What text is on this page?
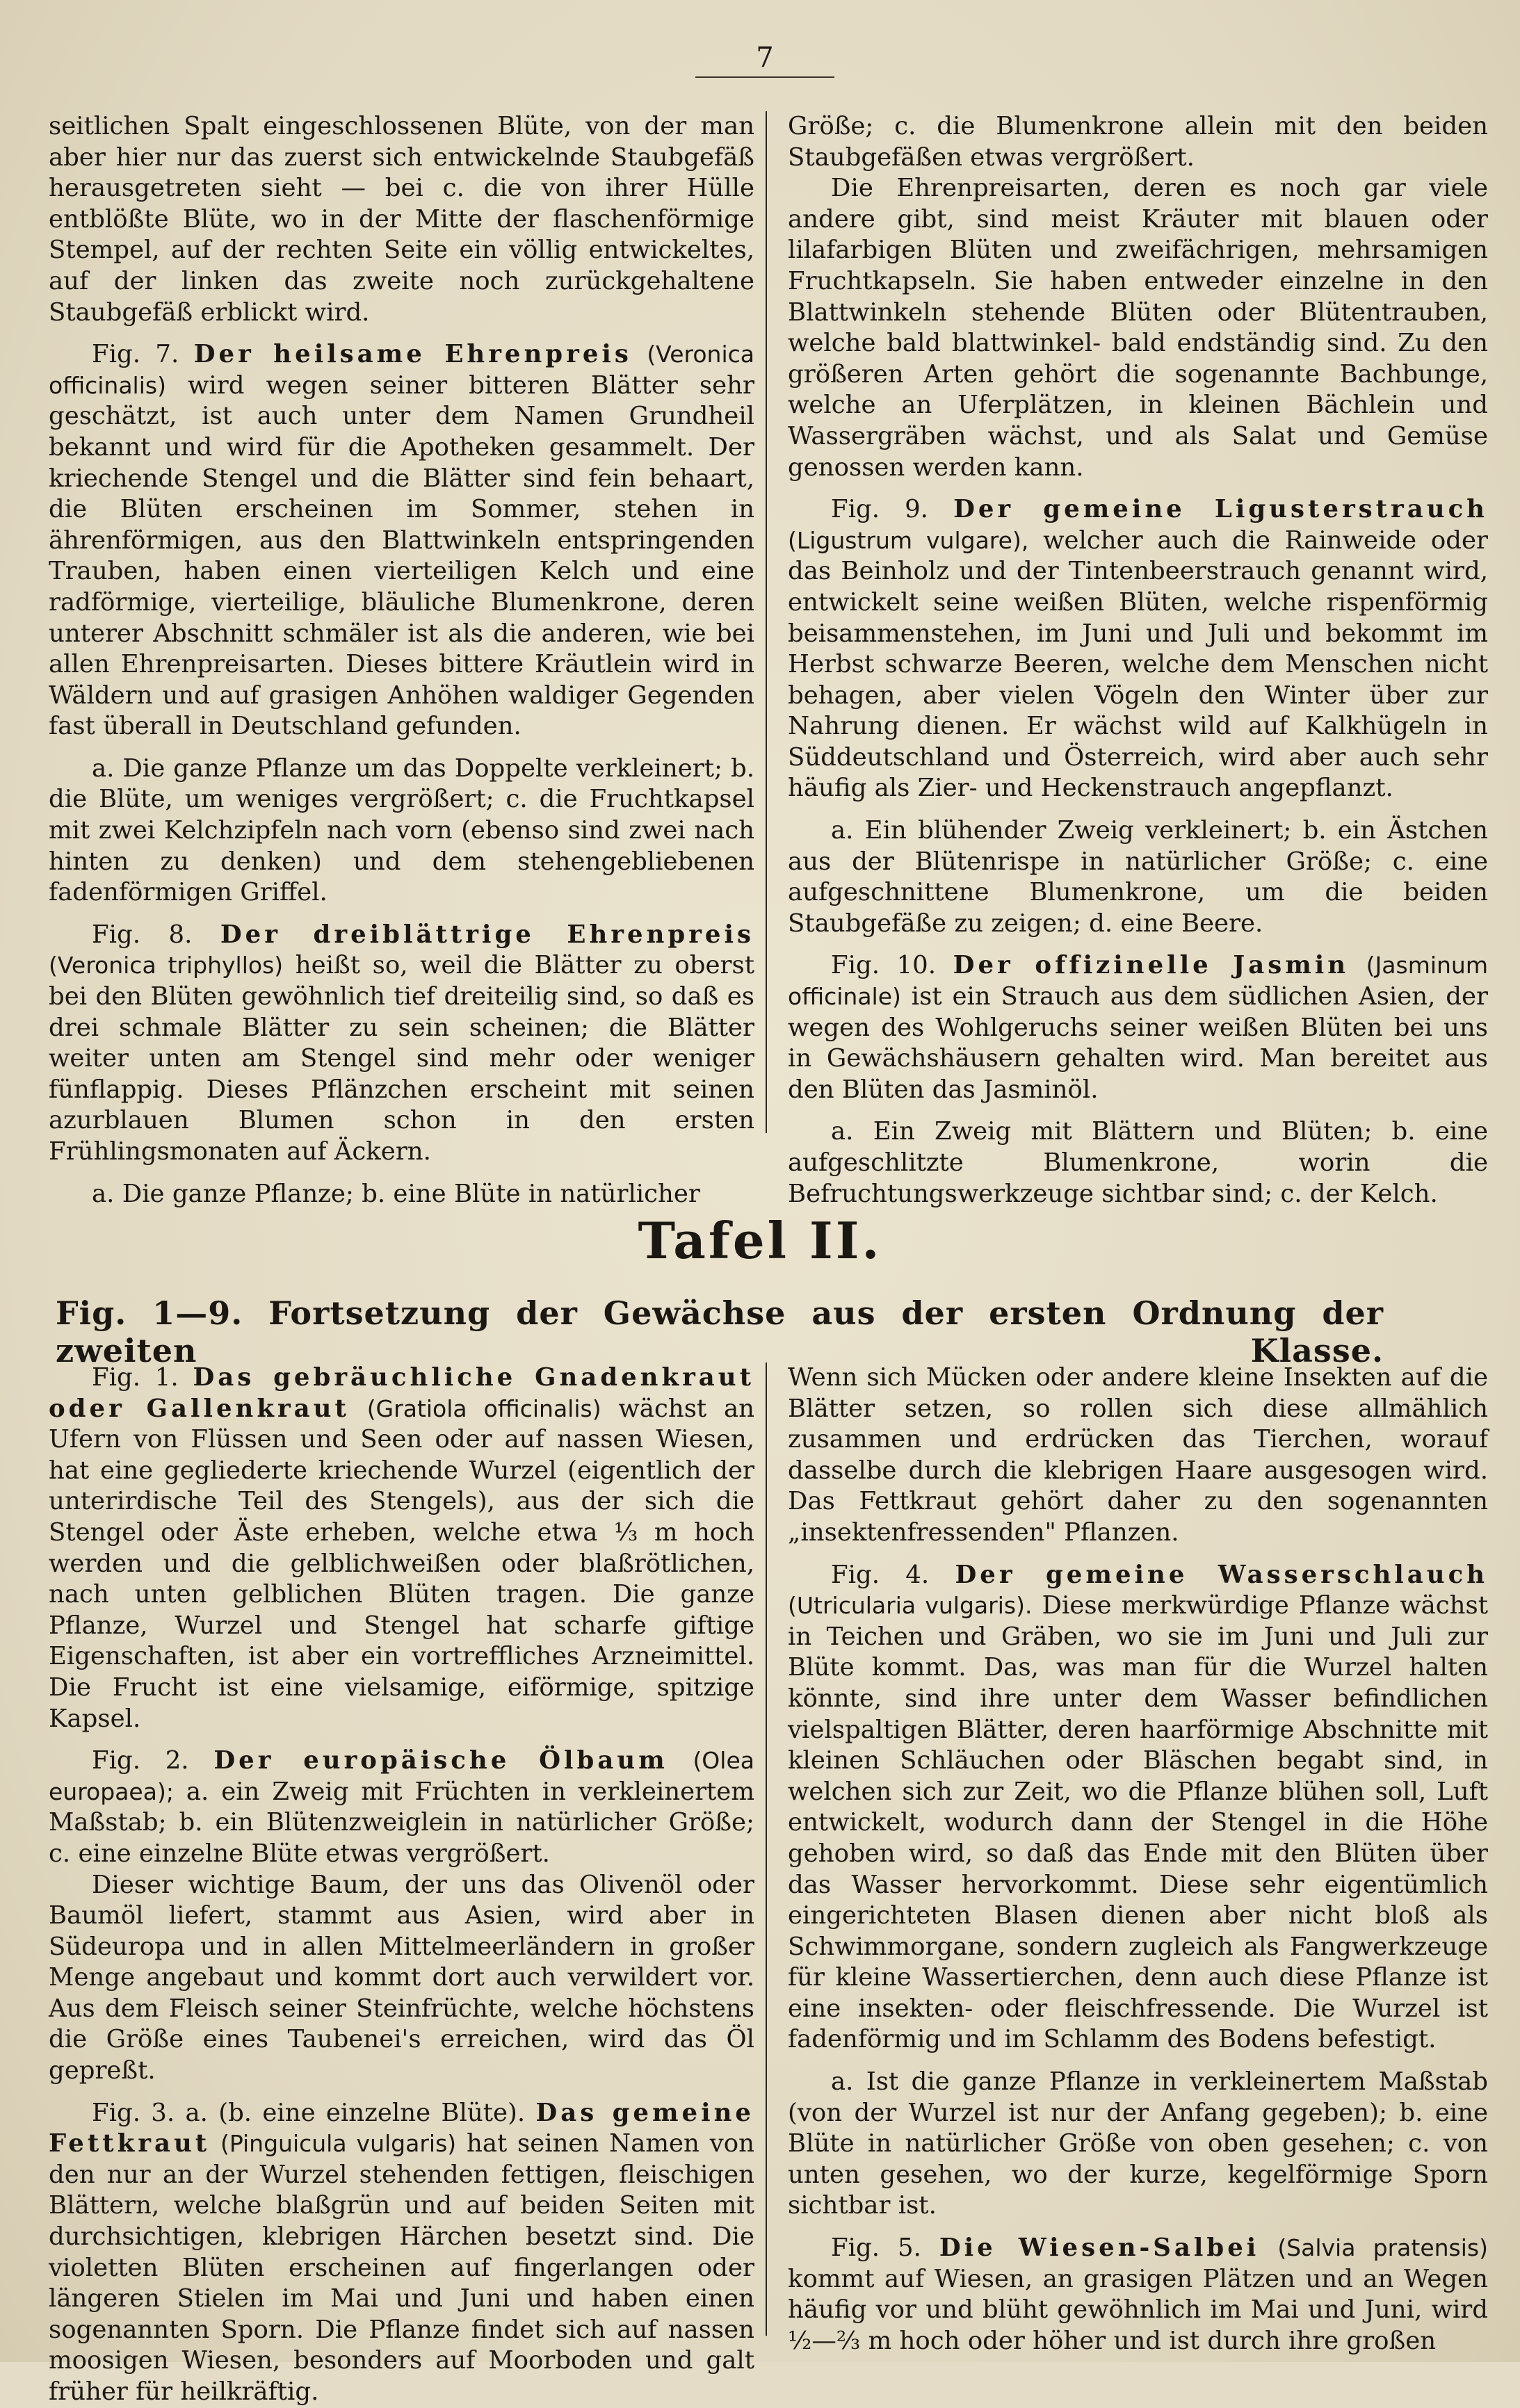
7

seitlichen Spalt eingeschlossenen Blüte, von der man aber hier nur das zuerst sich entwickelnde Staubgefäß herausgetreten sieht — bei c. die von ihrer Hülle entblößte Blüte, wo in der Mitte der flaschenförmige Stempel, auf der rechten Seite ein völlig entwickeltes, auf der linken das zweite noch zurückgehaltene Staubgefäß erblickt wird.

Fig. 7. Der heilsame Ehrenpreis (Veronica officinalis) wird wegen seiner bitteren Blätter sehr geschätzt, ist auch unter dem Namen Grundheil bekannt und wird für die Apotheken gesammelt. Der kriechende Stengel und die Blätter sind fein behaart, die Blüten erscheinen im Sommer, stehen in ährenförmigen, aus den Blattwinkeln entspringenden Trauben, haben einen vierteiligen Kelch und eine radförmige, vierteilige, bläuliche Blumenkrone, deren unterer Abschnitt schmäler ist als die anderen, wie bei allen Ehrenpreisarten. Dieses bittere Kräutlein wird in Wäldern und auf grasigen Anhöhen waldiger Gegenden fast überall in Deutschland gefunden.

a. Die ganze Pflanze um das Doppelte verkleinert; b. die Blüte, um weniges vergrößert; c. die Fruchtkapsel mit zwei Kelchzipfeln nach vorn (ebenso sind zwei nach hinten zu denken) und dem stehengebliebenen fadenförmigen Griffel.

Fig. 8. Der dreiblättrige Ehrenpreis (Veronica triphyllos) heißt so, weil die Blätter zu oberst bei den Blüten gewöhnlich tief dreiteilig sind, so daß es drei schmale Blätter zu sein scheinen; die Blätter weiter unten am Stengel sind mehr oder weniger fünflappig. Dieses Pflänzchen erscheint mit seinen azurblauen Blumen schon in den ersten Frühlingsmonaten auf Äckern.

a. Die ganze Pflanze; b. eine Blüte in natürlicher

Größe; c. die Blumenkrone allein mit den beiden Staubgefäßen etwas vergrößert.

Die Ehrenpreisarten, deren es noch gar viele andere gibt, sind meist Kräuter mit blauen oder lilafarbigen Blüten und zweifächrigen, mehrsamigen Fruchtkapseln. Sie haben entweder einzelne in den Blattwinkeln stehende Blüten oder Blütentrauben, welche bald blattwinkel- bald endständig sind. Zu den größeren Arten gehört die sogenannte Bachbunge, welche an Uferplätzen, in kleinen Bächlein und Wassergräben wächst, und als Salat und Gemüse genossen werden kann.

Fig. 9. Der gemeine Ligusterstrauch (Ligustrum vulgare), welcher auch die Rainweide oder das Beinholz und der Tintenbeerstrauch genannt wird, entwickelt seine weißen Blüten, welche rispenförmig beisammenstehen, im Juni und Juli und bekommt im Herbst schwarze Beeren, welche dem Menschen nicht behagen, aber vielen Vögeln den Winter über zur Nahrung dienen. Er wächst wild auf Kalkhügeln in Süddeutschland und Österreich, wird aber auch sehr häufig als Zier- und Heckenstrauch angepflanzt.

a. Ein blühender Zweig verkleinert; b. ein Ästchen aus der Blütenrispe in natürlicher Größe; c. eine aufgeschnittene Blumenkrone, um die beiden Staubgefäße zu zeigen; d. eine Beere.

Fig. 10. Der offizinelle Jasmin (Jasminum officinale) ist ein Strauch aus dem südlichen Asien, der wegen des Wohlgeruchs seiner weißen Blüten bei uns in Gewächshäusern gehalten wird. Man bereitet aus den Blüten das Jasminöl.

a. Ein Zweig mit Blättern und Blüten; b. eine aufgeschlitzte Blumenkrone, worin die Befruchtungswerkzeuge sichtbar sind; c. der Kelch.

Tafel II.
Fig. 1—9. Fortsetzung der Gewächse aus der ersten Ordnung der zweiten	Klasse.

Fig. 1. Das gebräuchliche Gnadenkraut oder Gallenkraut (Gratiola officinalis) wächst an Ufern von Flüssen und Seen oder auf nassen Wiesen, hat eine gegliederte kriechende Wurzel (eigentlich der unterirdische Teil des Stengels), aus der sich die Stengel oder Äste erheben, welche etwa ⅓ m hoch werden und die gelblichweißen oder blaßrötlichen, nach unten gelblichen Blüten tragen. Die ganze Pflanze, Wurzel und Stengel hat scharfe giftige Eigenschaften, ist aber ein vortreffliches Arzneimittel. Die Frucht ist eine vielsamige, eiförmige, spitzige Kapsel.

Fig. 2. Der europäische Ölbaum (Olea europaea); a. ein Zweig mit Früchten in verkleinertem Maßstab; b. ein Blütenzweiglein in natürlicher Größe; c. eine einzelne Blüte etwas vergrößert.

Dieser wichtige Baum, der uns das Olivenöl oder Baumöl liefert, stammt aus Asien, wird aber in Südeuropa und in allen Mittelmeerländern in großer Menge angebaut und kommt dort auch verwildert vor. Aus dem Fleisch seiner Steinfrüchte, welche höchstens die Größe eines Taubenei's erreichen, wird das Öl gepreßt.

Fig. 3. a. (b. eine einzelne Blüte). Das gemeine Fettkraut (Pinguicula vulgaris) hat seinen Namen von den nur an der Wurzel stehenden fettigen, fleischigen Blättern, welche blaßgrün und auf beiden Seiten mit durchsichtigen, klebrigen Härchen besetzt sind. Die violetten Blüten erscheinen auf fingerlangen oder längeren Stielen im Mai und Juni und haben einen sogenannten Sporn. Die Pflanze findet sich auf nassen moosigen Wiesen, besonders auf Moorboden und galt früher für heilkräftig.

Wenn sich Mücken oder andere kleine Insekten auf die Blätter setzen, so rollen sich diese allmählich zusammen und erdrücken das Tierchen, worauf dasselbe durch die klebrigen Haare ausgesogen wird. Das Fettkraut gehört daher zu den sogenannten „insektenfressenden" Pflanzen.

Fig. 4. Der gemeine Wasserschlauch (Utricularia vulgaris). Diese merkwürdige Pflanze wächst in Teichen und Gräben, wo sie im Juni und Juli zur Blüte kommt. Das, was man für die Wurzel halten könnte, sind ihre unter dem Wasser befindlichen vielspaltigen Blätter, deren haarförmige Abschnitte mit kleinen Schläuchen oder Bläschen begabt sind, in welchen sich zur Zeit, wo die Pflanze blühen soll, Luft entwickelt, wodurch dann der Stengel in die Höhe gehoben wird, so daß das Ende mit den Blüten über das Wasser hervorkommt. Diese sehr eigentümlich eingerichteten Blasen dienen aber nicht bloß als Schwimmorgane, sondern zugleich als Fangwerkzeuge für kleine Wassertierchen, denn auch diese Pflanze ist eine insekten- oder fleischfressende. Die Wurzel ist fadenförmig und im Schlamm des Bodens befestigt.

a. Ist die ganze Pflanze in verkleinertem Maßstab (von der Wurzel ist nur der Anfang gegeben); b. eine Blüte in natürlicher Größe von oben gesehen; c. von unten gesehen, wo der kurze, kegelförmige Sporn sichtbar ist.

Fig. 5. Die Wiesen-Salbei (Salvia pratensis) kommt auf Wiesen, an grasigen Plätzen und an Wegen häufig vor und blüht gewöhnlich im Mai und Juni, wird ½—⅔ m hoch oder höher und ist durch ihre großen
